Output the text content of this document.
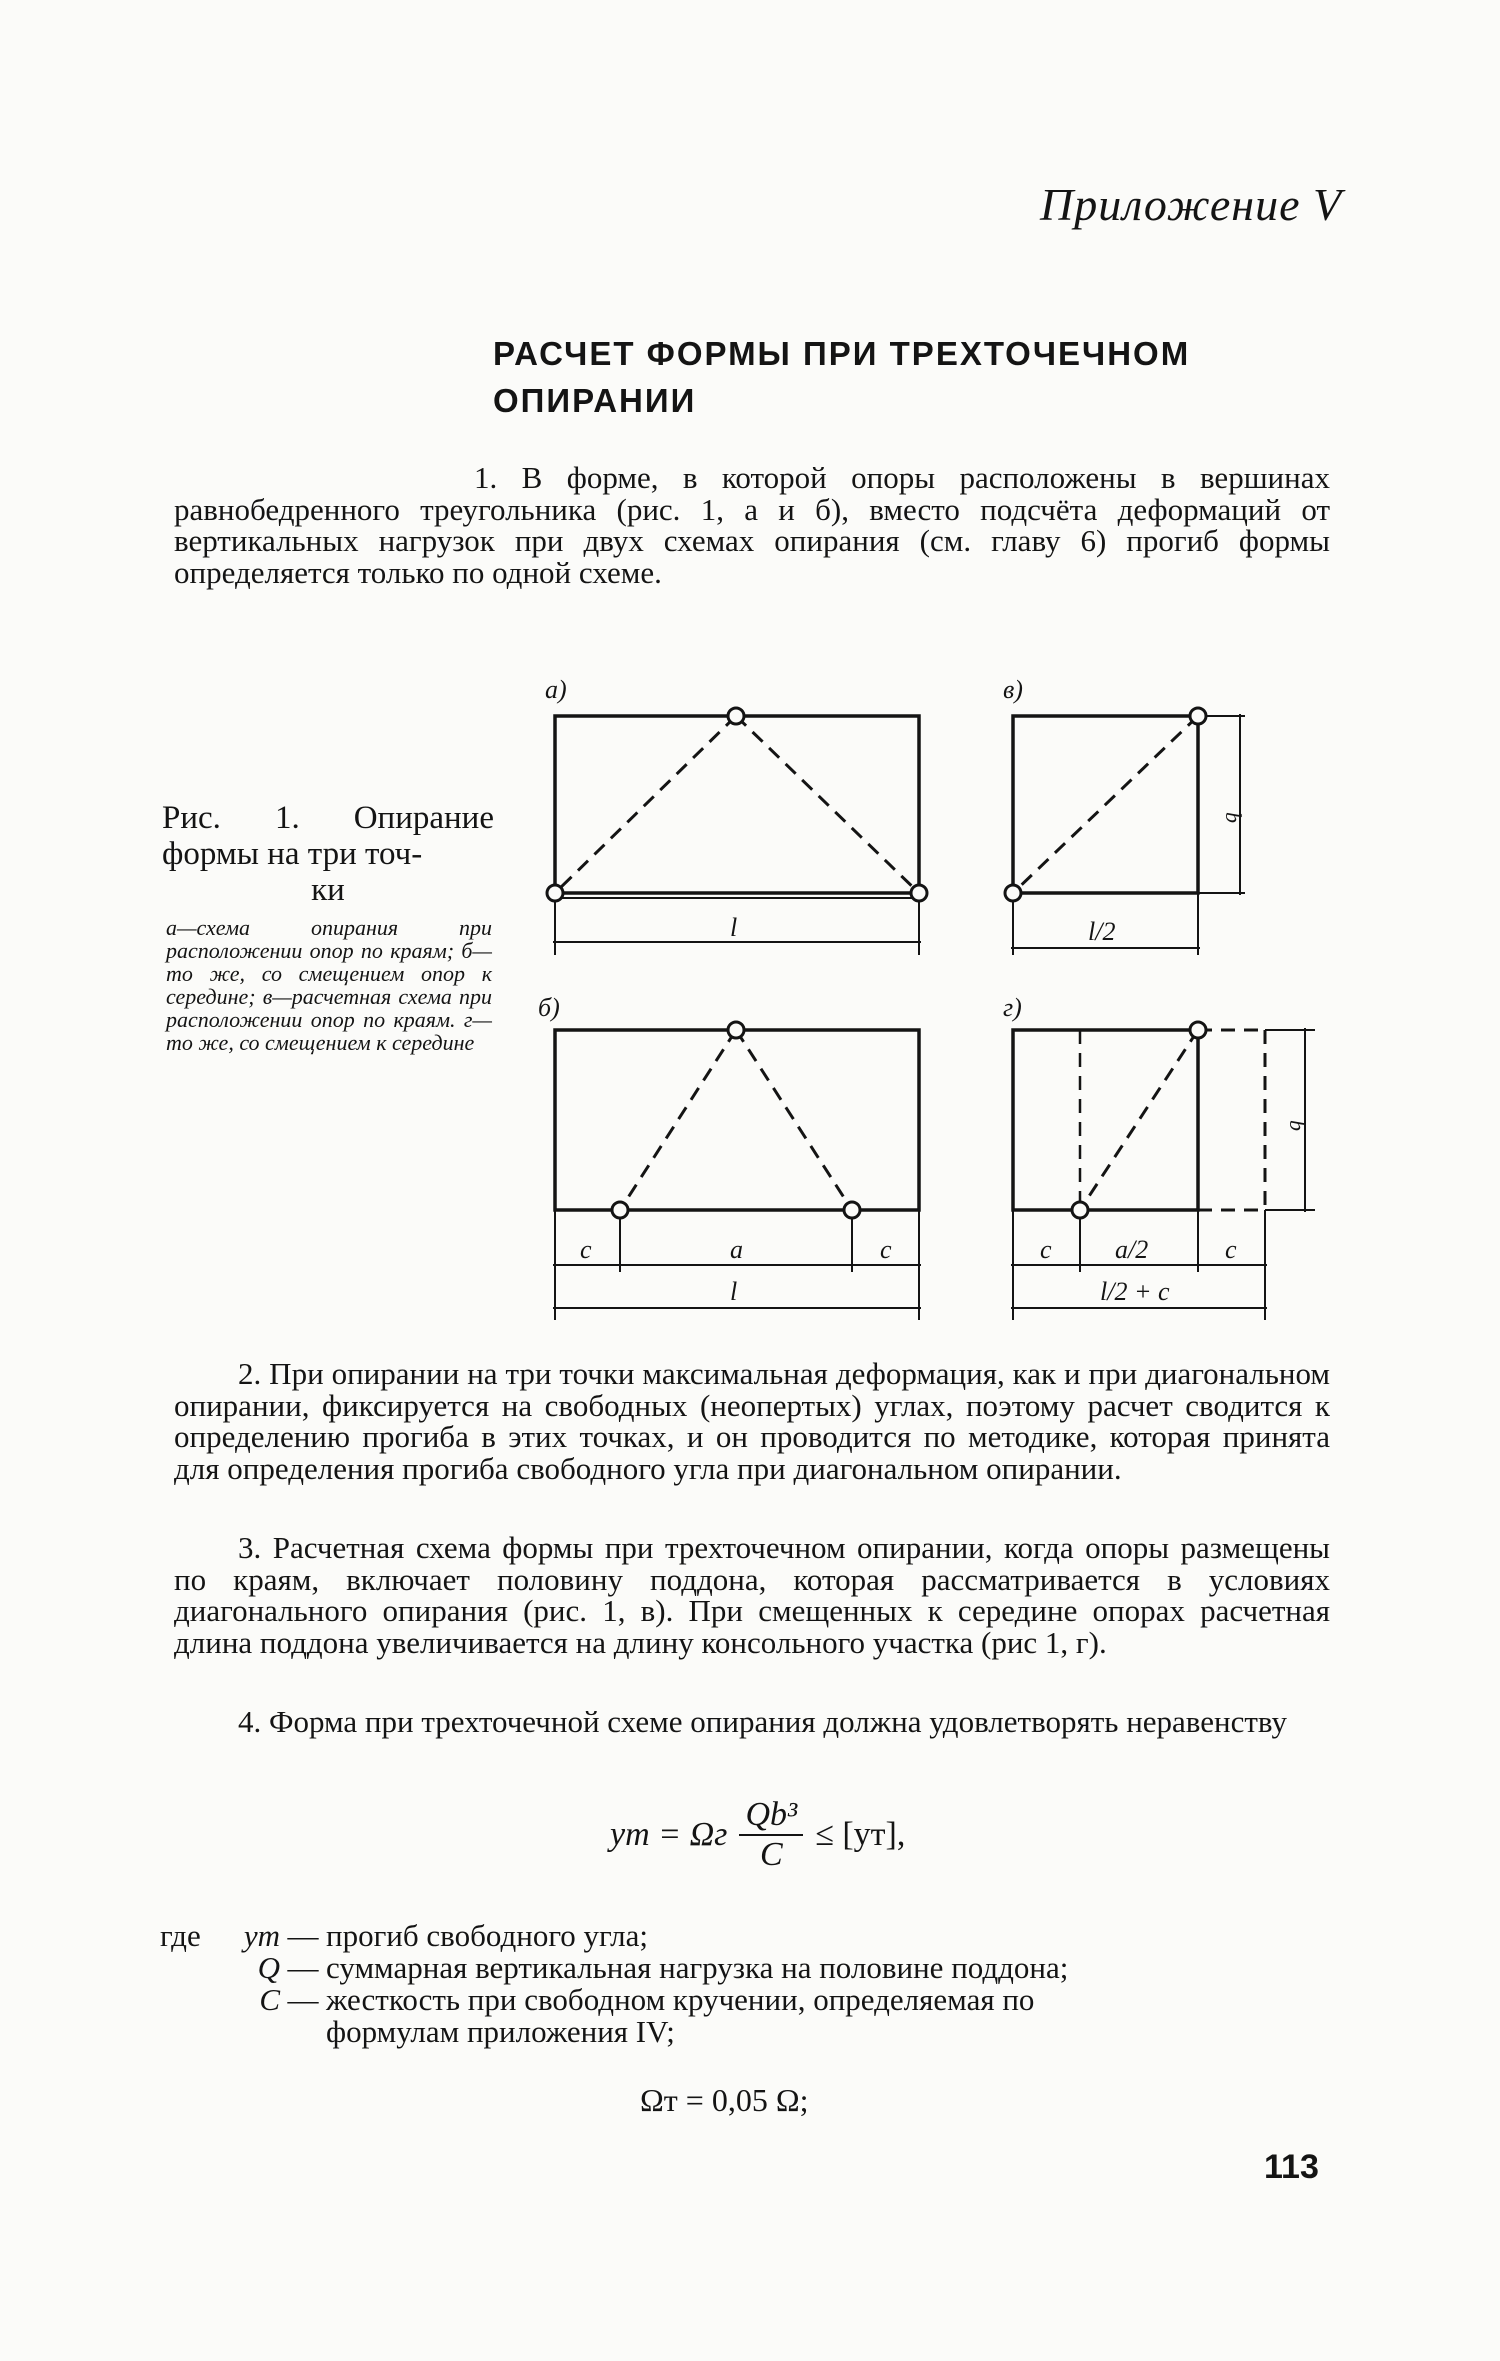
Приложение V
РАСЧЕТ ФОРМЫ ПРИ ТРЕХТОЧЕЧНОМ
ОПИРАНИИ
1. В форме, в которой опоры расположены в вершинах равнобедренного треугольника (рис. 1, а и б), вместо подсчёта деформаций от вертикальных нагрузок при двух схемах опирания (см. главу 6) прогиб формы определяется только по одной схеме.
Рис. 1. Опирание формы на три точ-
ки
а—схема опирания при расположении опор по краям; б—то же, со смещением опор к середине; в—расчетная схема при расположении опор по краям. г—то же, со смещением к середине
а)	в)
б)	г)
l	l/2
b
c	a	c
l
c a/2	c
l/2 + c
b
2. При опирании на три точки максимальная деформация, как и при диагональном опирании, фиксируется на свободных (неопертых) углах, поэтому расчет сводится к определению прогиба в этих точках, и он проводится по методике, которая принята для определения прогиба свободного угла при диагональном опирании.
3. Расчетная схема формы при трехточечном опирании, когда опоры размещены по краям, включает половину поддона, которая рассматривается в условиях диагонального опирания (рис. 1, в). При смещенных к середине опорах расчетная длина поддона увеличивается на длину консольного участка (рис 1, г).
4. Форма при трехточечной схеме опирания должна удовлетворять неравенству
yт = Ωг $\frac{\text{Qb³}}{C} \le [yт]$,
где	yт — прогиб свободного угла;
Q — суммарная вертикальная нагрузка на половине поддона;
C — жесткость при свободном кручении, определяемая по
формулам приложения IV;
Ωт = 0,05 Ω;
113
